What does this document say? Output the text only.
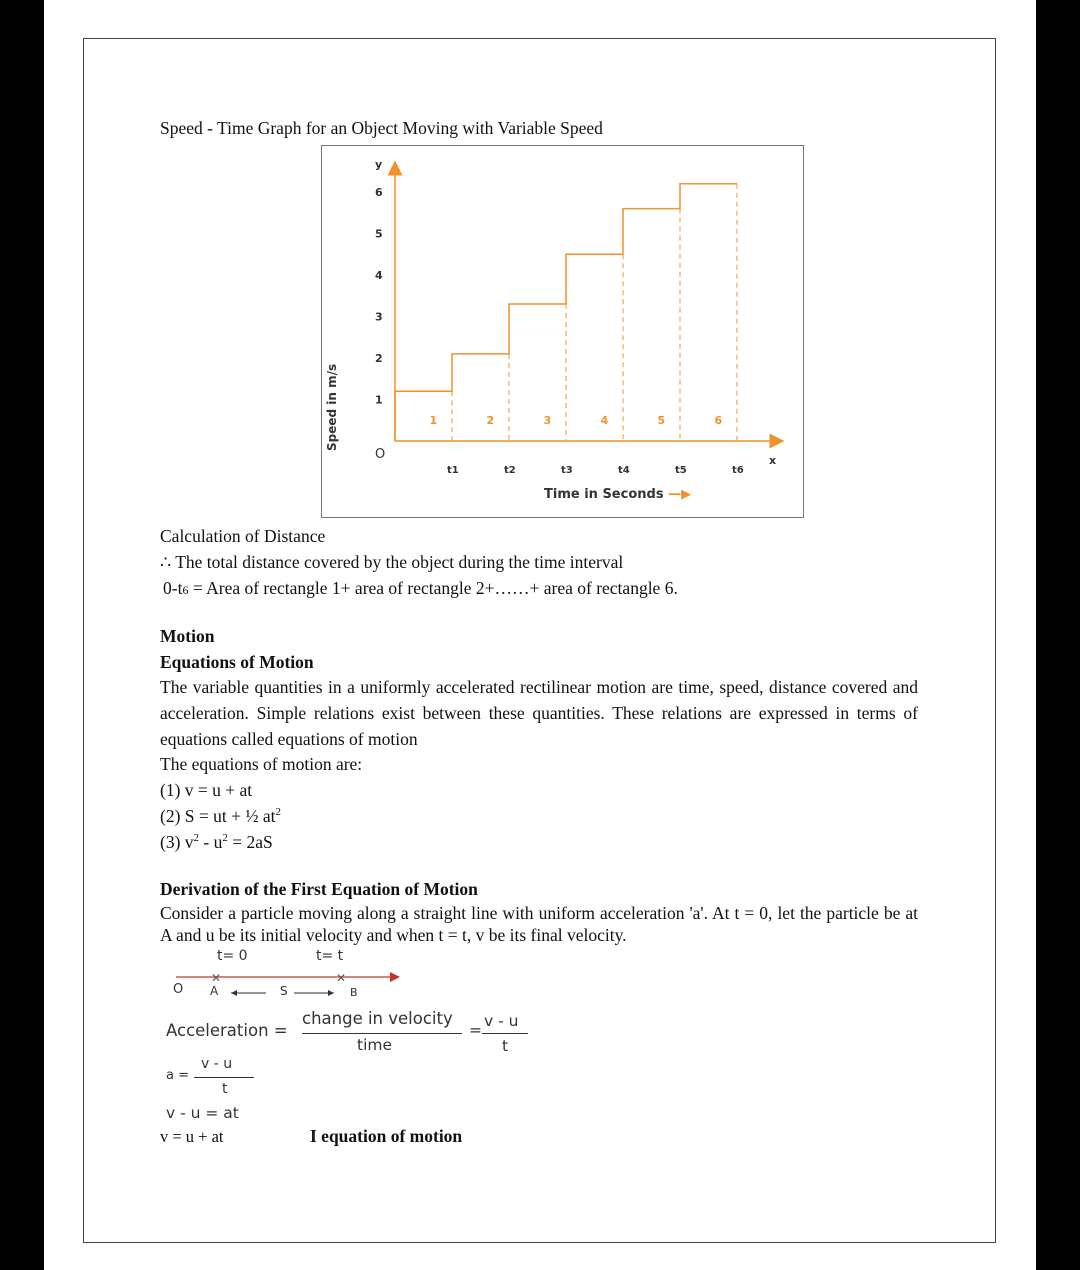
Speed - Time Graph for an Object Moving with Variable Speed
y
x
O
1
2
3
4
5
6
t1	t2	t3	t4	t5	t6
1	2	3	4	5	6
Speed in m/s
Time in Seconds —▶
Calculation of Distance
∴ The total distance covered by the object during the time interval
0-t6 = Area of rectangle 1+ area of rectangle 2+……+ area of rectangle 6.
Motion
Equations of Motion
The variable quantities in a uniformly accelerated rectilinear motion are time, speed, distance covered and acceleration. Simple relations exist between these quantities. These relations are expressed in terms of equations called equations of motion
The equations of motion are:
(1) v = u + at
(2) S = ut + ½ $at^2$
(3) $v^2 - u^2 = 2aS$
Derivation of the First Equation of Motion
Consider a particle moving along a straight line with uniform acceleration 'a'. At t = 0, let the particle be at A and u be its initial velocity and when t = t, v be its final velocity.
t= 0	t= t
✕	✕
O A	S	B
Acceleration =
change in velocity
time
= v - u
t
a =
v - u
t
v - u = at
v = u + at	I equation of motion
